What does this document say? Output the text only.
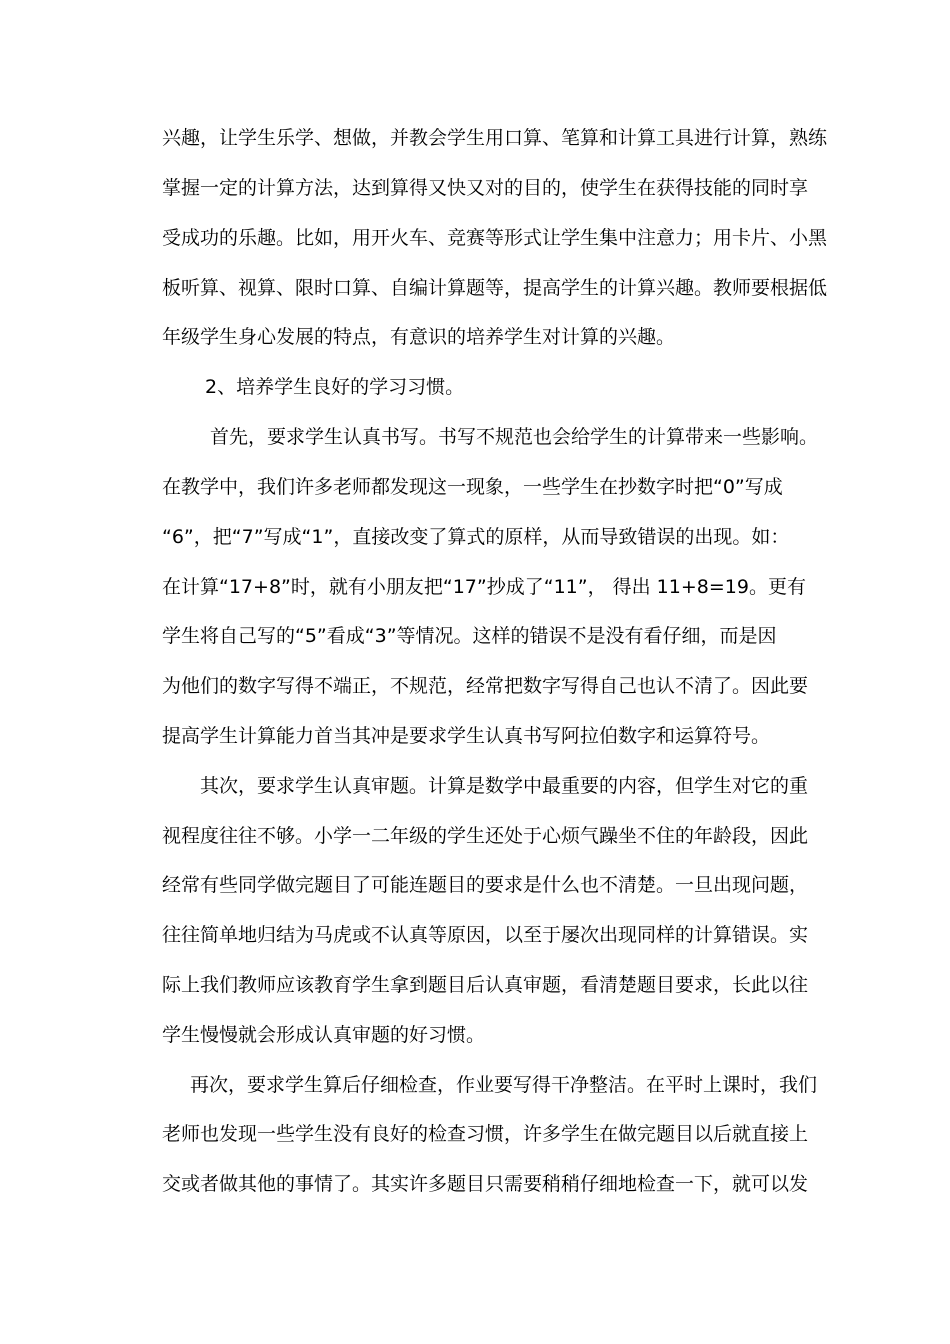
兴趣，让学生乐学、想做，并教会学生用口算、笔算和计算工具进行计算，熟练
掌握一定的计算方法，达到算得又快又对的目的，使学生在获得技能的同时享
受成功的乐趣。比如，用开火车、竞赛等形式让学生集中注意力；用卡片、小黑
板听算、视算、限时口算、自编计算题等，提高学生的计算兴趣。教师要根据低
年级学生身心发展的特点，有意识的培养学生对计算的兴趣。
2、培养学生良好的学习习惯。
首先，要求学生认真书写。书写不规范也会给学生的计算带来一些影响。
在教学中，我们许多老师都发现这一现象，一些学生在抄数字时把“0”写成
“6”，把“7”写成“1”，直接改变了算式的原样，从而导致错误的出现。如：
在计算“17+8”时，就有小朋友把“17”抄成了“11”， 得出 11+8=19。更有
学生将自己写的“5”看成“3”等情况。这样的错误不是没有看仔细，而是因
为他们的数字写得不端正，不规范，经常把数字写得自己也认不清了。因此要
提高学生计算能力首当其冲是要求学生认真书写阿拉伯数字和运算符号。
其次，要求学生认真审题。计算是数学中最重要的内容，但学生对它的重
视程度往往不够。小学一二年级的学生还处于心烦气躁坐不住的年龄段，因此
经常有些同学做完题目了可能连题目的要求是什么也不清楚。一旦出现问题，
往往简单地归结为马虎或不认真等原因，以至于屡次出现同样的计算错误。实
际上我们教师应该教育学生拿到题目后认真审题，看清楚题目要求，长此以往
学生慢慢就会形成认真审题的好习惯。
再次，要求学生算后仔细检查，作业要写得干净整洁。在平时上课时，我们
老师也发现一些学生没有良好的检查习惯，许多学生在做完题目以后就直接上
交或者做其他的事情了。其实许多题目只需要稍稍仔细地检查一下，就可以发
